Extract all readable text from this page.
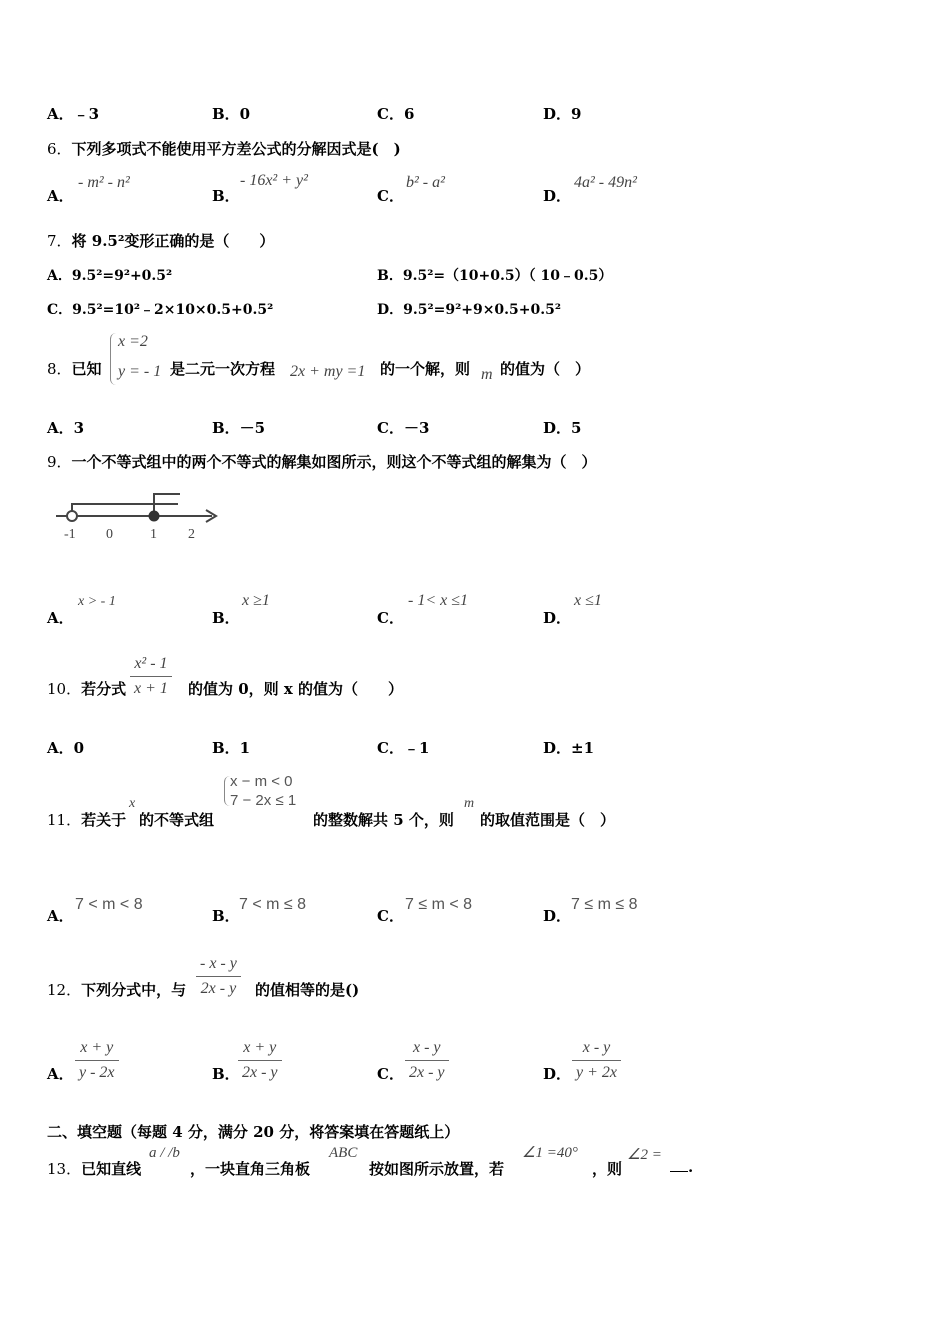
A．﹣3	B．0	C．6	D．9
6．下列多项式不能使用平方差公式的分解因式是(　)
A．
- m² - n²
B．
- 16x² + y²
C．
b² - a²
D．
4a² - 49n²
7．将 9.5²变形正确的是（　　）
A．9.5²=9²+0.5²	B．9.5²=（10+0.5）（ 10﹣0.5）
C．9.5²=10²﹣2×10×0.5+0.5²	D．9.5²=9²+9×0.5+0.5²
8．已知
x =2
y = - 1 是二元一次方程 2x + my =1 的一个解，则 m 的值为（　）
A．3	B．－5	C．－3	D．5
9．一个不等式组中的两个不等式的解集如图所示，则这个不等式组的解集为（　）
-1 0	1 2
A．
x > - 1
B．
x ≥1
C．
- 1< x ≤1
D．
x ≤1
10．若分式 $\frac{\text{x² - 1}}{x + 1}$ 的值为 0，则 x 的值为（　　）
A．0	B．1	C．﹣1	D．±1
11．若关于
x
的不等式组
x − m < 0
7 − 2x ≤ 1
的整数解共 5 个，则
m
的取值范围是（　）
A．
7 < m < 8
B．
7 < m ≤ 8
C．
7 ≤ m < 8
D．
7 ≤ m ≤ 8
12．下列分式中，与 $\frac{- x - y}{2x - y}$ 的值相等的是()
A． $\frac{x + y}{y - 2x}$	B．
$\frac{x + y}{2x - y}$	C． $\frac{x - y}{2x - y}$	D． $\frac{x - y}{y + 2x}$
二、填空题（每题 4 分，满分 20 分，将答案填在答题纸上）
13．已知直线
a / /b
，一块直角三角板
ABC
按如图所示放置，若
∠1 =40°
，则
∠2 =
.
